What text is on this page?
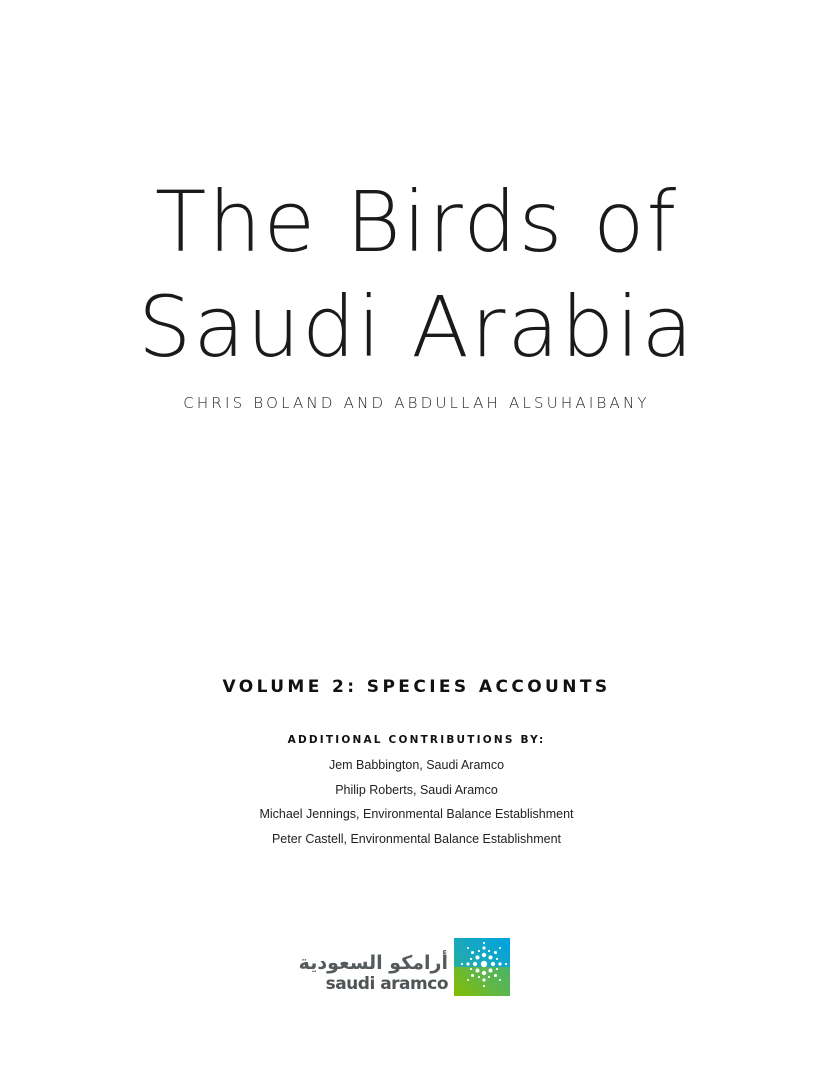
The Birds of
Saudi Arabia
CHRIS BOLAND AND ABDULLAH ALSUHAIBANY
VOLUME 2: SPECIES ACCOUNTS
ADDITIONAL CONTRIBUTIONS BY:
Jem Babbington, Saudi Aramco
Philip Roberts, Saudi Aramco
Michael Jennings, Environmental Balance Establishment
Peter Castell, Environmental Balance Establishment
أرامكو السعودية
saudi aramco
